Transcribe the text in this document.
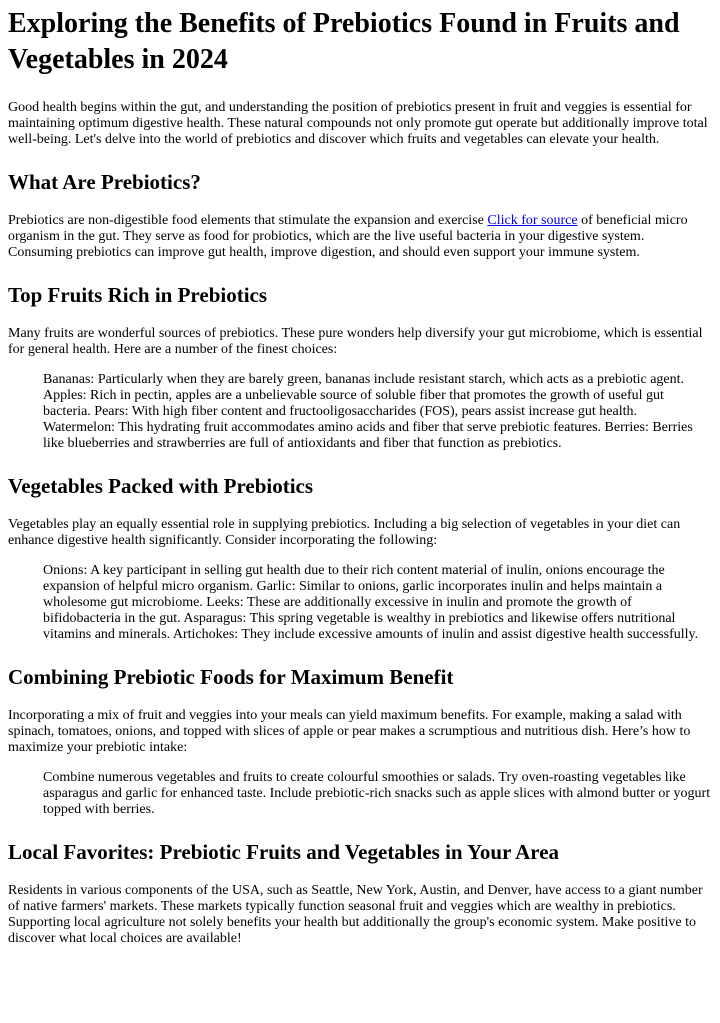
Exploring the Benefits of Prebiotics Found in Fruits and Vegetables in 2024

Good health begins within the gut, and understanding the position of prebiotics present in fruit and veggies is essential for maintaining optimum digestive health. These natural compounds not only promote gut operate but additionally improve total well-being. Let's delve into the world of prebiotics and discover which fruits and vegetables can elevate your health.

What Are Prebiotics?

Prebiotics are non-digestible food elements that stimulate the expansion and exercise Click for source of beneficial micro organism in the gut. They serve as food for probiotics, which are the live useful bacteria in your digestive system. Consuming prebiotics can improve gut health, improve digestion, and should even support your immune system.

Top Fruits Rich in Prebiotics

Many fruits are wonderful sources of prebiotics. These pure wonders help diversify your gut microbiome, which is essential for general health. Here are a number of the finest choices:

Bananas: Particularly when they are barely green, bananas include resistant starch, which acts as a prebiotic agent. Apples: Rich in pectin, apples are a unbelievable source of soluble fiber that promotes the growth of useful gut bacteria. Pears: With high fiber content and fructooligosaccharides (FOS), pears assist increase gut health. Watermelon: This hydrating fruit accommodates amino acids and fiber that serve prebiotic features. Berries: Berries like blueberries and strawberries are full of antioxidants and fiber that function as prebiotics.
Vegetables Packed with Prebiotics

Vegetables play an equally essential role in supplying prebiotics. Including a big selection of vegetables in your diet can enhance digestive health significantly. Consider incorporating the following:

Onions: A key participant in selling gut health due to their rich content material of inulin, onions encourage the expansion of helpful micro organism. Garlic: Similar to onions, garlic incorporates inulin and helps maintain a wholesome gut microbiome. Leeks: These are additionally excessive in inulin and promote the growth of bifidobacteria in the gut. Asparagus: This spring vegetable is wealthy in prebiotics and likewise offers nutritional vitamins and minerals. Artichokes: They include excessive amounts of inulin and assist digestive health successfully.
Combining Prebiotic Foods for Maximum Benefit

Incorporating a mix of fruit and veggies into your meals can yield maximum benefits. For example, making a salad with spinach, tomatoes, onions, and topped with slices of apple or pear makes a scrumptious and nutritious dish. Here’s how to maximize your prebiotic intake:

Combine numerous vegetables and fruits to create colourful smoothies or salads. Try oven-roasting vegetables like asparagus and garlic for enhanced taste. Include prebiotic-rich snacks such as apple slices with almond butter or yogurt topped with berries.
Local Favorites: Prebiotic Fruits and Vegetables in Your Area

Residents in various components of the USA, such as Seattle, New York, Austin, and Denver, have access to a giant number of native farmers' markets. These markets typically function seasonal fruit and veggies which are wealthy in prebiotics. Supporting local agriculture not solely benefits your health but additionally the group's economic system. Make positive to discover what local choices are available!
